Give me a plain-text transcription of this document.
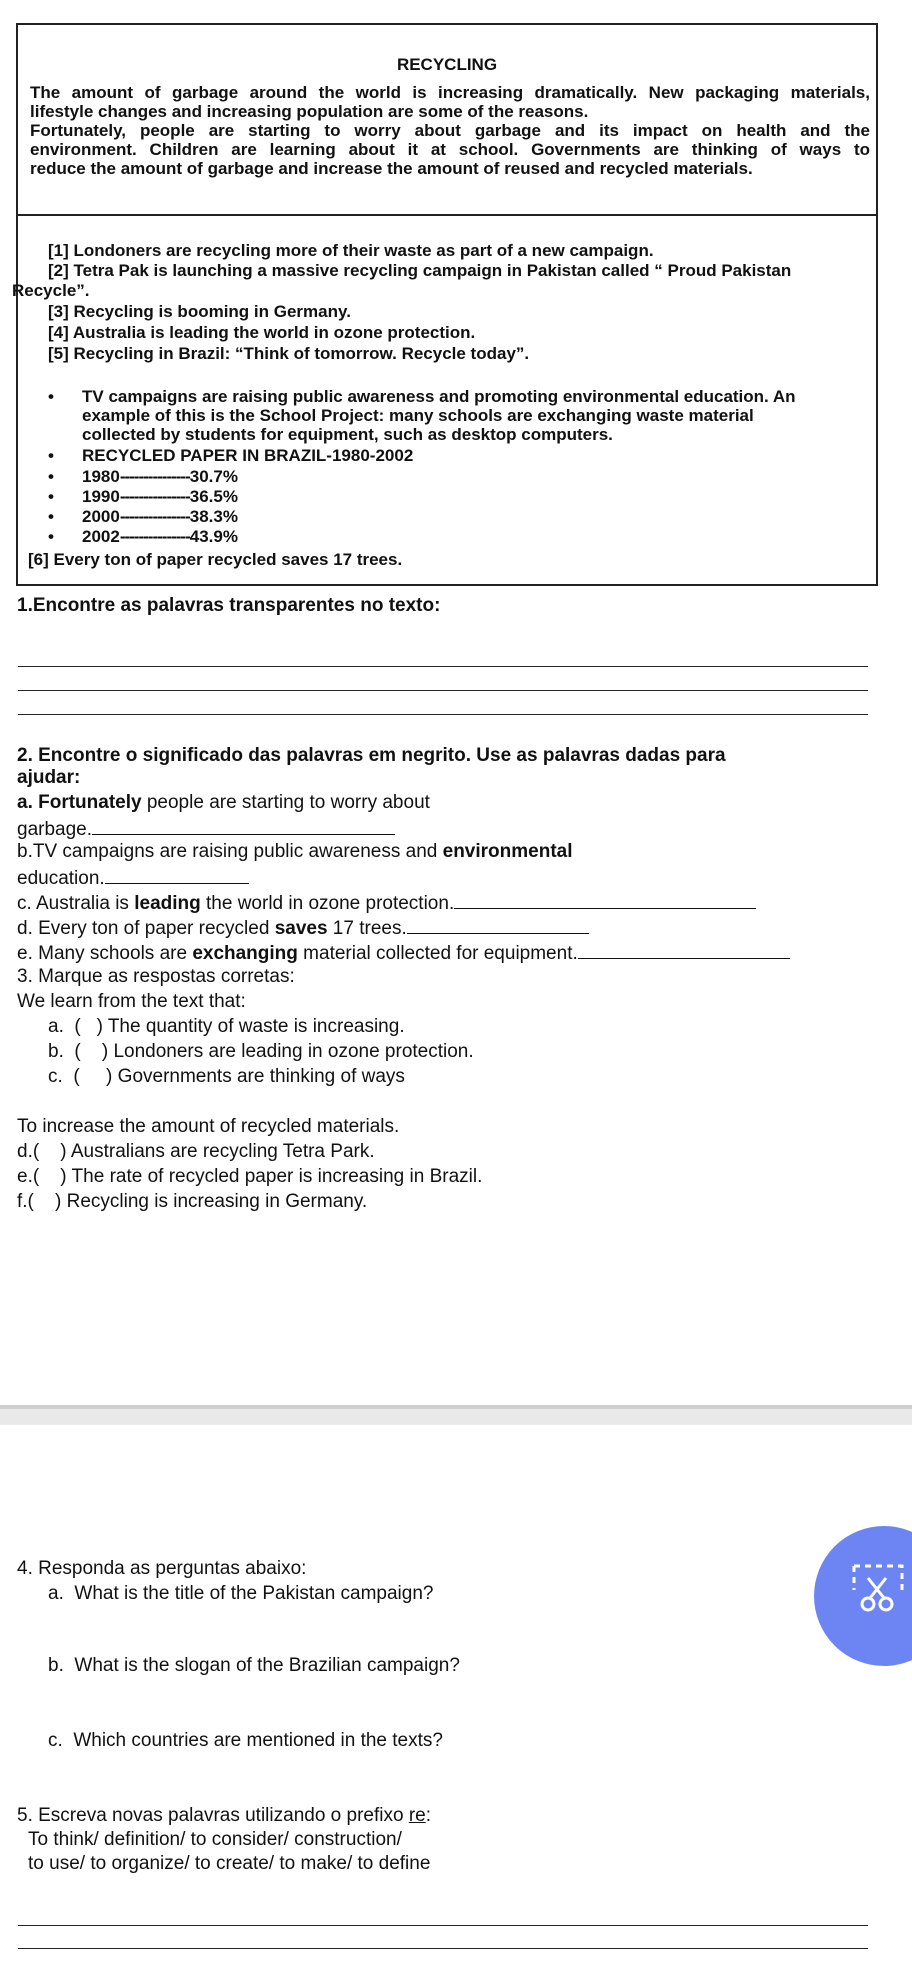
RECYCLING
The amount of garbage around the world is increasing dramatically. New packaging materials,
lifestyle changes and increasing population are some of the reasons.
Fortunately, people are starting to worry about garbage and its impact on health and the
environment. Children are learning about it at school. Governments are thinking of ways to
reduce the amount of garbage and increase the amount of reused and recycled materials.
[1] Londoners are recycling more of their waste as part of a new campaign.
[2] Tetra Pak is launching a massive recycling campaign in Pakistan called “ Proud Pakistan
Recycle”.
[3] Recycling is booming in Germany.
[4] Australia is leading the world in ozone protection.
[5] Recycling in Brazil: “Think of tomorrow. Recycle today”.
• TV campaigns are raising public awareness and promoting environmental education. An
example of this is the School Project: many schools are exchanging waste material
collected by students for equipment, such as desktop computers.
• RECYCLED PAPER IN BRAZIL-1980-2002
• 1980---------------30.7%
• 1990---------------36.5%
• 2000---------------38.3%
• 2002---------------43.9%
[6] Every ton of paper recycled saves 17 trees.
1.Encontre as palavras transparentes no texto:
2. Encontre o significado das palavras em negrito. Use as palavras dadas para
ajudar:
a. Fortunately people are starting to worry about
garbage.
b.TV campaigns are raising public awareness and environmental
education.
c. Australia is leading the world in ozone protection.
d. Every ton of paper recycled saves 17 trees.
e. Many schools are exchanging material collected for equipment.
3. Marque as respostas corretas:
We learn from the text that:
a.  (   ) The quantity of waste is increasing.
b.  (    ) Londoners are leading in ozone protection.
c.  (     ) Governments are thinking of ways
To increase the amount of recycled materials.
d.(    ) Australians are recycling Tetra Park.
e.(    ) The rate of recycled paper is increasing in Brazil.
f.(    ) Recycling is increasing in Germany.
4. Responda as perguntas abaixo:
a.  What is the title of the Pakistan campaign?
b.  What is the slogan of the Brazilian campaign?
c.  Which countries are mentioned in the texts?
5. Escreva novas palavras utilizando o prefixo re:
To think/ definition/ to consider/ construction/
to use/ to organize/ to create/ to make/ to define
